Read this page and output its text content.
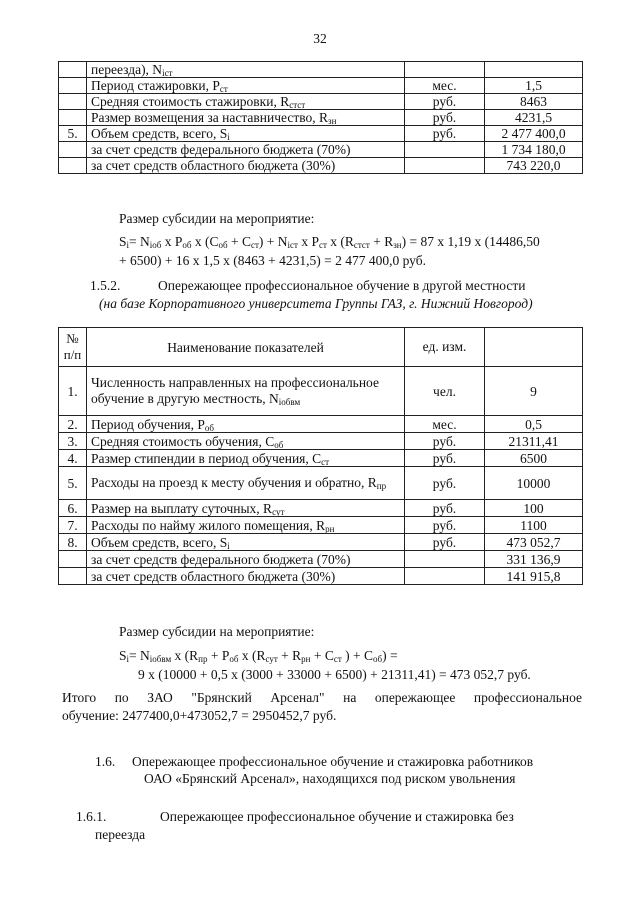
32
	переезда), $N_{iст}$		
	Период стажировки, $P_{ст}$	мес.	1,5
	Средняя стоимость стажировки, $R_{стст}$	руб.	8463
	Размер возмещения за наставничество, $R_{зн}$	руб.	4231,5
5.	Объем средств, всего, $S_i$	руб.	2 477 400,0
	за счет средств федерального бюджета (70%)		1 734 180,0
	за счет средств областного бюджета (30%)		743 220,0
Размер субсидии на мероприятие:
$S_i= N_{iоб}$ x $P_{об}$ x $(C_{об} + C_{ст}) + N_{iст}$ x $P_{ст}$ x $(R_{стст} + R_{зн}) = 87$ x 1,19 x (14486,50
+ 6500) + 16 x 1,5 x (8463 + 4231,5) = 2 477 400,0 руб.
1.5.2.	Опережающее профессиональное обучение в другой местности
(на базе Корпоративного университета Группы ГАЗ, г. Нижний Новгород)
№ п/п	Наименование показателей	ед. изм.	
1.	Численность направленных на профессиональное обучение в другую местность, $N_{iобвм}$	чел.	9
2.	Период обучения, $P_{об}$	мес.	0,5
3.	Средняя стоимость обучения, $C_{об}$	руб.	21311,41
4.	Размер стипендии в период обучения, $C_{ст}$	руб.	6500
5.	Расходы на проезд к месту обучения и обратно, $R_{пр}$	руб.	10000
6.	Размер на выплату суточных, $R_{сут}$	руб.	100
7.	Расходы по найму жилого помещения, $R_{рн}$	руб.	1100
8.	Объем средств, всего, $S_i$	руб.	473 052,7
	за счет средств федерального бюджета (70%)		331 136,9
	за счет средств областного бюджета (30%)		141 915,8
Размер субсидии на мероприятие:
$S_i= N_{iобвм}$ x ($R_{пр} + P_{об}$ x ($R_{сут} + R_{рн} + C_{ст}$ ) + $C_{об}$) =
9 x (10000 + 0,5 x (3000 + 33000 + 6500) + 21311,41) = 473 052,7 руб.
Итого по ЗАО "Брянский Арсенал" на опережающее профессиональное
обучение: 2477400,0+473052,7 = 2950452,7 руб.
1.6. Опережающее профессиональное обучение и стажировка работников
ОАО «Брянский Арсенал», находящихся под риском увольнения
1.6.1.	Опережающее профессиональное обучение и стажировка без
переезда
